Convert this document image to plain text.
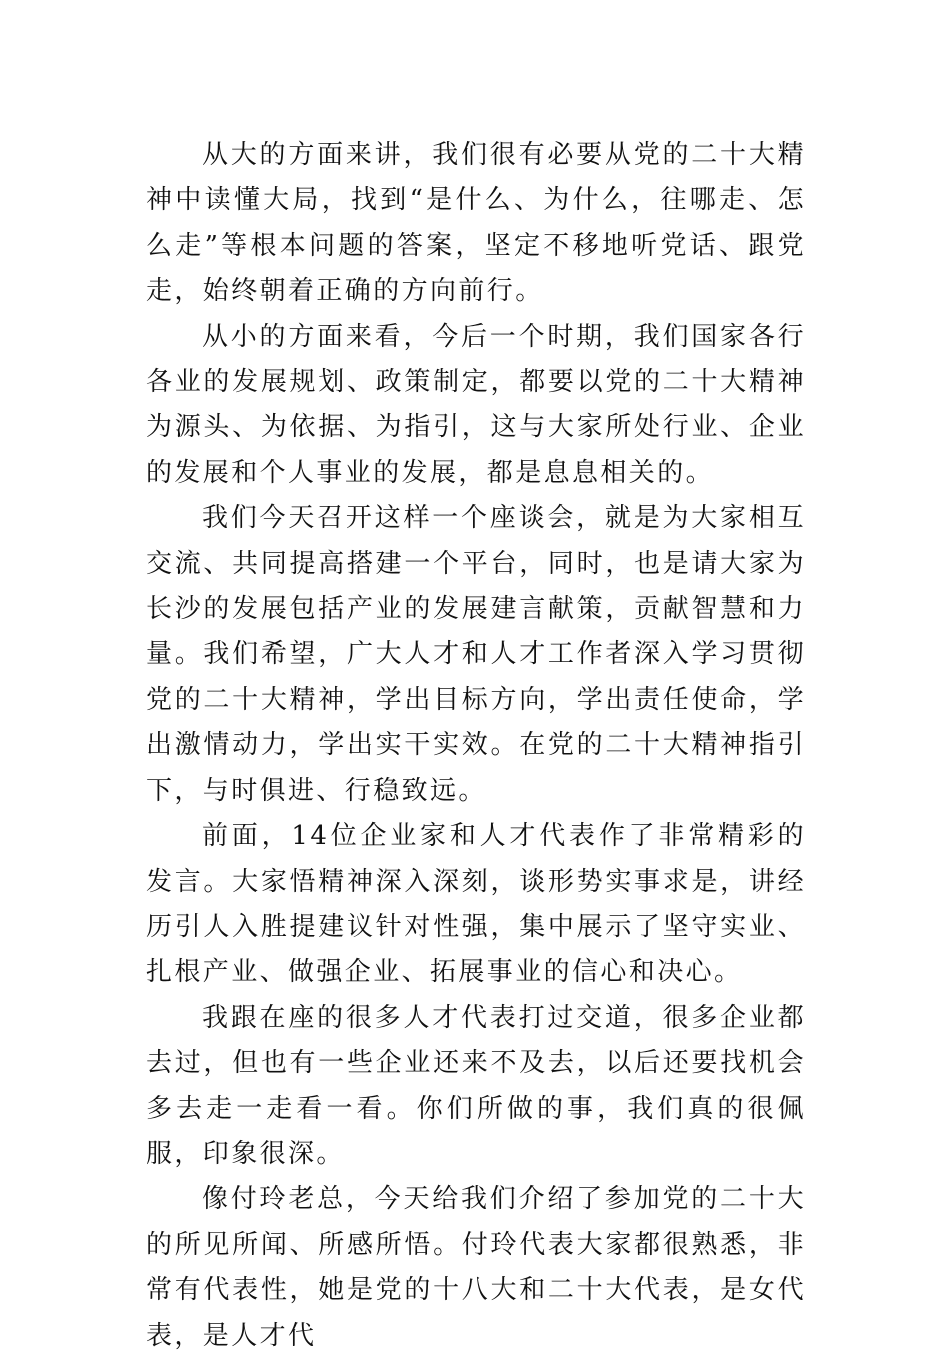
从大的方面来讲，我们很有必要从党的二十大精神中读懂大局，找到“是什么、为什么，往哪走、怎么走”等根本问题的答案，坚定不移地听党话、跟党走，始终朝着正确的方向前行。

从小的方面来看，今后一个时期，我们国家各行各业的发展规划、政策制定，都要以党的二十大精神为源头、为依据、为指引，这与大家所处行业、企业的发展和个人事业的发展，都是息息相关的。

我们今天召开这样一个座谈会，就是为大家相互交流、共同提高搭建一个平台，同时，也是请大家为长沙的发展包括产业的发展建言献策，贡献智慧和力量。我们希望，广大人才和人才工作者深入学习贯彻党的二十大精神，学出目标方向，学出责任使命，学出激情动力，学出实干实效。在党的二十大精神指引下，与时俱进、行稳致远。

前面，14位企业家和人才代表作了非常精彩的发言。大家悟精神深入深刻，谈形势实事求是，讲经历引人入胜提建议针对性强，集中展示了坚守实业、扎根产业、做强企业、拓展事业的信心和决心。

我跟在座的很多人才代表打过交道，很多企业都去过，但也有一些企业还来不及去，以后还要找机会多去走一走看一看。你们所做的事，我们真的很佩服，印象很深。

像付玲老总，今天给我们介绍了参加党的二十大的所见所闻、所感所悟。付玲代表大家都很熟悉，非常有代表性，她是党的十八大和二十大代表，是女代表，是人才代
